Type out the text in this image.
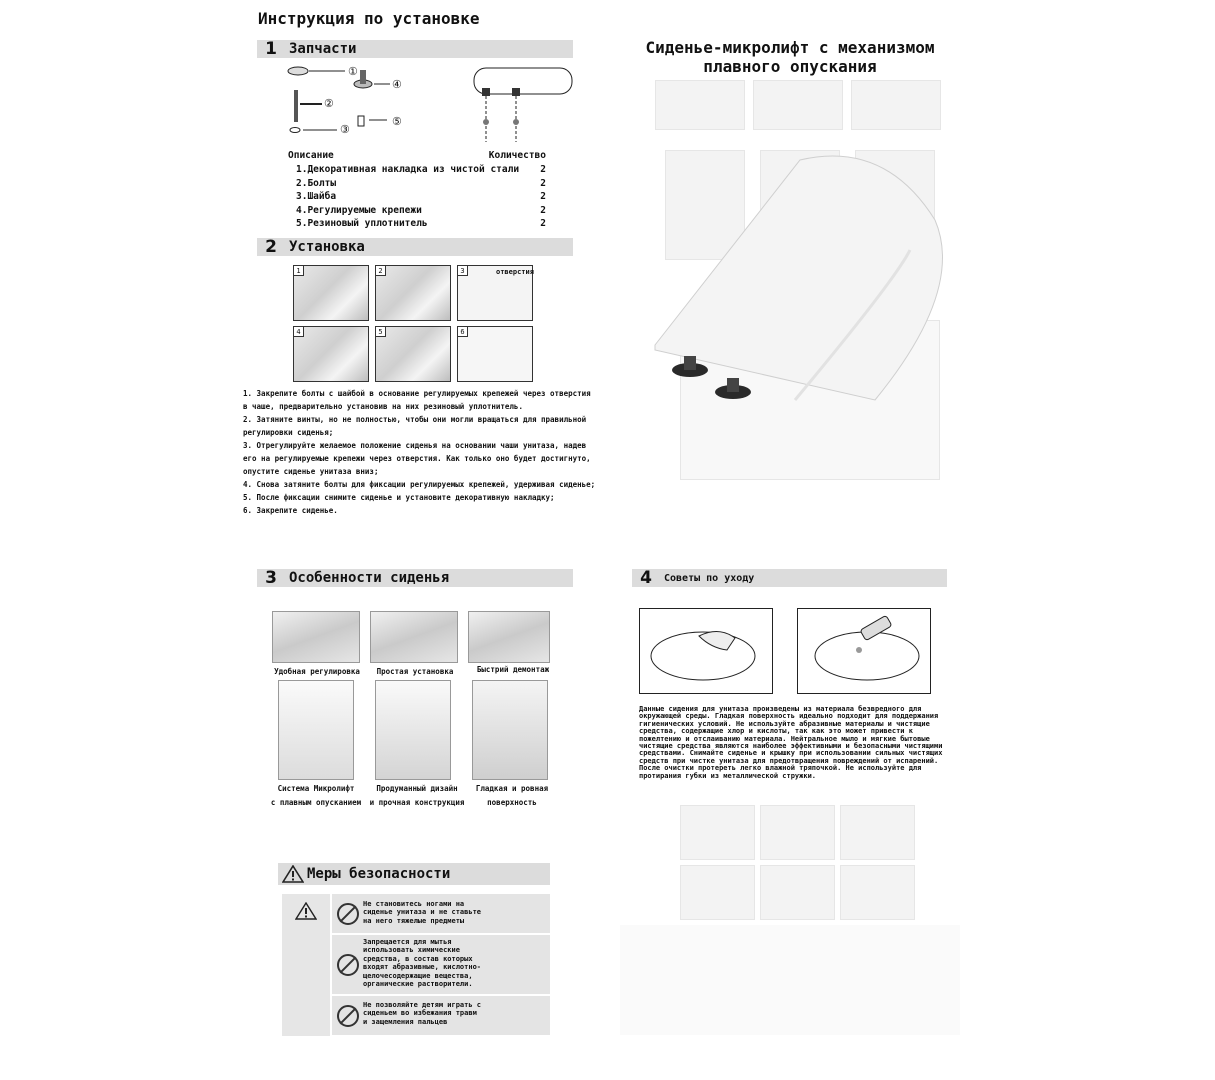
Инструкция по установке
1 Запчасти
①
②
③
④
⑤
Описание	Количество
1.Декоративная накладка из чистой стали 2
2.Болты	2
3.Шайба	2
4.Регулируемые крепежи	2
5.Резиновый уплотнитель	2
2 Установка
1	2	3	отверстия
4	5	6
1. Закрепите болты с шайбой в основание регулируемых крепежей через отверстия
в чаше, предварительно установив на них резиновый уплотнитель.
2. Затяните винты, но не полностью, чтобы они могли вращаться для правильной
регулировки сиденья;
3. Отрегулируйте желаемое положение сиденья на основании чаши унитаза, надев
его на регулируемые крепежи через отверстия. Как только оно будет достигнуто,
опустите сиденье унитаза вниз;
4. Снова затяните болты для фиксации регулируемых крепежей, удерживая сиденье;
5. После фиксации снимите сиденье и установите декоративную накладку;
6. Закрепите сиденье.
Сиденье-микролифт с механизмом
плавного опускания
3 Особенности сиденья
Удобная регулировка	Простая установка	Быстрий демонтаж
Система Микролифт
с плавным опусканием
Продуманный дизайн
и прочная конструкция
Гладкая и ровная
поверхность
Меры безопасности
Не становитесь ногами на сиденье унитаза и не ставьте на него тяжелые предметы
Запрещается для мытья использовать химические средства, в состав которых входят абразивные, кислотно-щелочесодержащие вещества, органические растворители.
Не позволяйте детям играть с сиденьем во избежания травм и защемления пальцев
4	Советы по уходу
Данные сидения для унитаза произведены из материала безвредного для
окружающей среды. Гладкая поверхность идеально подходит для поддержания
гигиенических условий. Не используйте абразивные материалы и чистящие
средства, содержащие хлор и кислоты, так как это может привести к
пожелтению и отслаиванию материала. Нейтральное мыло и мягкие бытовые
чистящие средства являются наиболее эффективными и безопасными чистящими
средствами. Снимайте сиденье и крышку при использовании сильных чистящих
средств при чистке унитаза для предотвращения повреждений от испарений.
После очистки протереть легко влажной тряпочкой. Не используйте для
протирания губки из металлической стружки.
